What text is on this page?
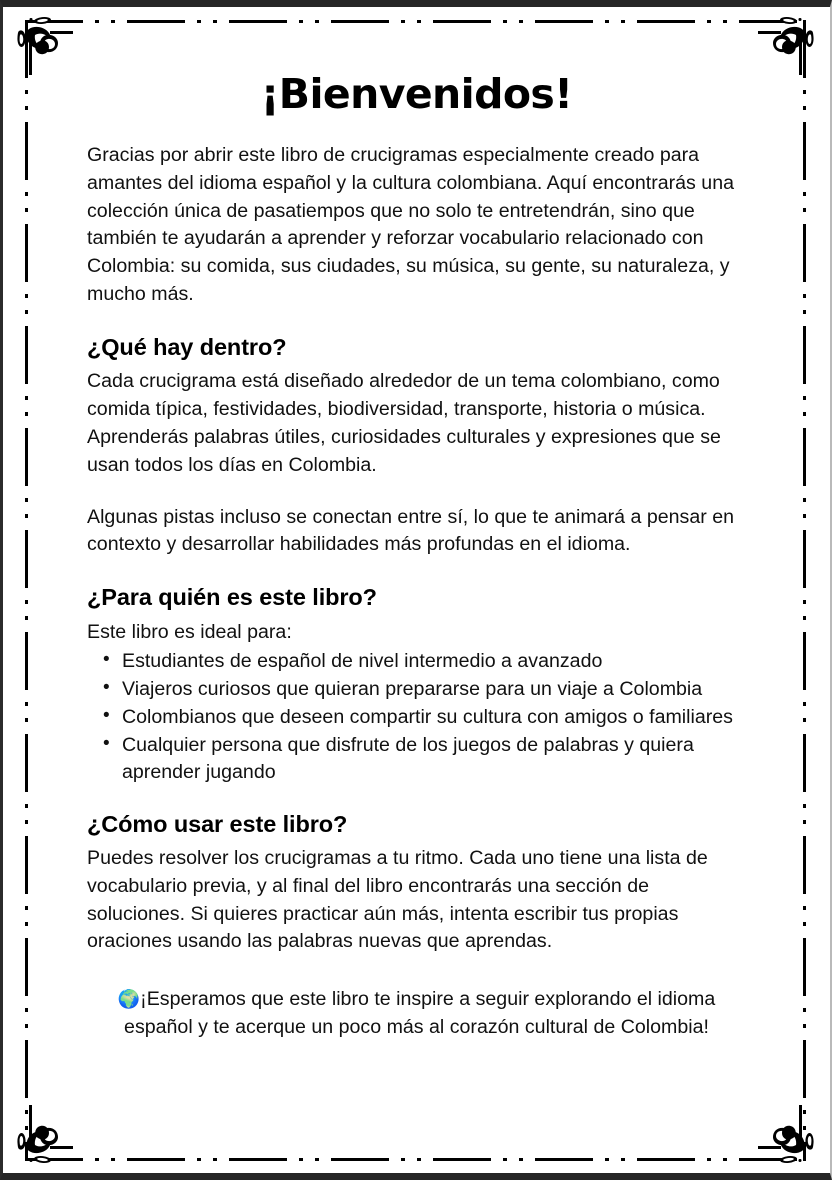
¡Bienvenidos!

Gracias por abrir este libro de crucigramas especialmente creado para amantes del idioma español y la cultura colombiana. Aquí encontrarás una colección única de pasatiempos que no solo te entretendrán, sino que también te ayudarán a aprender y reforzar vocabulario relacionado con Colombia: su comida, sus ciudades, su música, su gente, su naturaleza, y mucho más.

¿Qué hay dentro?

Cada crucigrama está diseñado alrededor de un tema colombiano, como comida típica, festividades, biodiversidad, transporte, historia o música. Aprenderás palabras útiles, curiosidades culturales y expresiones que se usan todos los días en Colombia.

Algunas pistas incluso se conectan entre sí, lo que te animará a pensar en contexto y desarrollar habilidades más profundas en el idioma.

¿Para quién es este libro?

Este libro es ideal para:

• Estudiantes de español de nivel intermedio a avanzado
• Viajeros curiosos que quieran prepararse para un viaje a Colombia
• Colombianos que deseen compartir su cultura con amigos o familiares
• Cualquier persona que disfrute de los juegos de palabras y quiera aprender jugando
¿Cómo usar este libro?

Puedes resolver los crucigramas a tu ritmo. Cada uno tiene una lista de vocabulario previa, y al final del libro encontrarás una sección de soluciones. Si quieres practicar aún más, intenta escribir tus propias oraciones usando las palabras nuevas que aprendas.

🌍¡Esperamos que este libro te inspire a seguir explorando el idioma español y te acerque un poco más al corazón cultural de Colombia!
